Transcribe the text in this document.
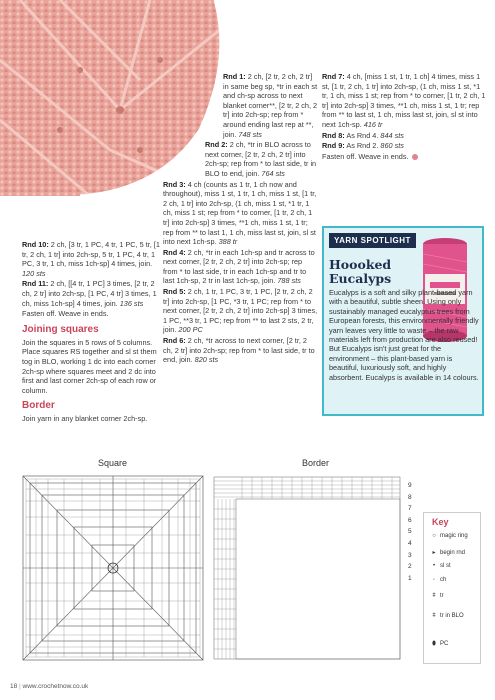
Rnd 1: 2 ch, [2 tr, 2 ch, 2 tr] in same beg sp, *tr in each st and ch-sp across to next blanket corner**, [2 tr, 2 ch, 2 tr] into 2ch-sp; rep from * around ending last rep at **, join. 748 sts
Rnd 2: 2 ch, *tr in BLO across to next corner, [2 tr, 2 ch, 2 tr] into 2ch-sp; rep from * to last side, tr in BLO to end, join. 764 sts
Rnd 3: 4 ch (counts as 1 tr, 1 ch now and throughout), miss 1 st, 1 tr, 1 ch, miss 1 st, [1 tr, 2 ch, 1 tr] into 2ch-sp, (1 ch, miss 1 st, *1 tr, 1 ch, miss 1 st; rep from * to corner, [1 tr, 2 ch, 1 tr] into 2ch-sp] 3 times, **1 ch, miss 1 st, 1 tr; rep from ** to last 1, 1 ch, miss last st, join, sl st into next 1ch-sp. 388 tr
Rnd 4: 2 ch, *tr in each 1ch-sp and tr across to next corner, [2 tr, 2 ch, 2 tr] into 2ch-sp; rep from * to last side, tr in each 1ch-sp and tr to last 1ch-sp, 2 tr in last 1ch-sp, join. 788 sts
Rnd 5: 2 ch, 1 tr, 1 PC, 3 tr, 1 PC, [2 tr, 2 ch, 2 tr] into 2ch-sp, [1 PC, *3 tr, 1 PC; rep from * to next corner, [2 tr, 2 ch, 2 tr] into 2ch-sp] 3 times, 1 PC, **3 tr, 1 PC; rep from ** to last 2 sts, 2 tr, join. 200 PC
Rnd 6: 2 ch, *tr across to next corner, [2 tr, 2 ch, 2 tr] into 2ch-sp; rep from * to last side, tr to end, join. 820 sts
Rnd 7: 4 ch, [miss 1 st, 1 tr, 1 ch] 4 times, miss 1 st, [1 tr, 2 ch, 1 tr] into 2ch-sp, (1 ch, miss 1 st, *1 tr, 1 ch, miss 1 st; rep from * to corner, [1 tr, 2 ch, 1 tr] into 2ch-sp] 3 times, **1 ch, miss 1 st, 1 tr; rep from ** to last st, 1 ch, miss last st, join, sl st into next 1ch-sp. 416 tr
Rnd 8: As Rnd 4. 844 sts
Rnd 9: As Rnd 2. 860 sts
Fasten off. Weave in ends.
Rnd 10: 2 ch, [3 tr, 1 PC, 4 tr, 1 PC, 5 tr, [1 tr, 2 ch, 1 tr] into 2ch-sp, 5 tr, 1 PC, 4 tr, 1 PC, 3 tr, 1 ch, miss 1ch-sp] 4 times, join. 120 sts
Rnd 11: 2 ch, [[4 tr, 1 PC] 3 times, [2 tr, 2 ch, 2 tr] into 2ch-sp, [1 PC, 4 tr] 3 times, 1 ch, miss 1ch-sp] 4 times, join. 136 sts
Fasten off. Weave in ends.
Joining squares
Join the squares in 5 rows of 5 columns. Place squares RS together and sl st them tog in BLO, working 1 dc into each corner 2ch-sp where squares meet and 2 dc into first and last corner 2ch-sp of each row or column.
Border
Join yarn in any blanket corner 2ch-sp.
YARN SPOTLIGHT
Hoooked
Eucalyps
Eucalyps is a soft and silky plant-based yarn with a beautiful, subtle sheen. Using only sustainably managed eucalyptus trees from European forests, this environmentally friendly yarn leaves very little to waste – the raw materials left from production are also reused! But Eucalyps isn't just great for the environment – this plant-based yarn is beautiful, luxuriously soft, and highly absorbent. Eucalyps is available in 14 colours.
Square	Border
9
8
7
6
5
4
3
2
1
Key
○ magic ring
▸ begin rnd
• sl st
◦ ch
ǂ tr
ǂ tr in BLO
⬮ PC
18 | www.crochetnow.co.uk
